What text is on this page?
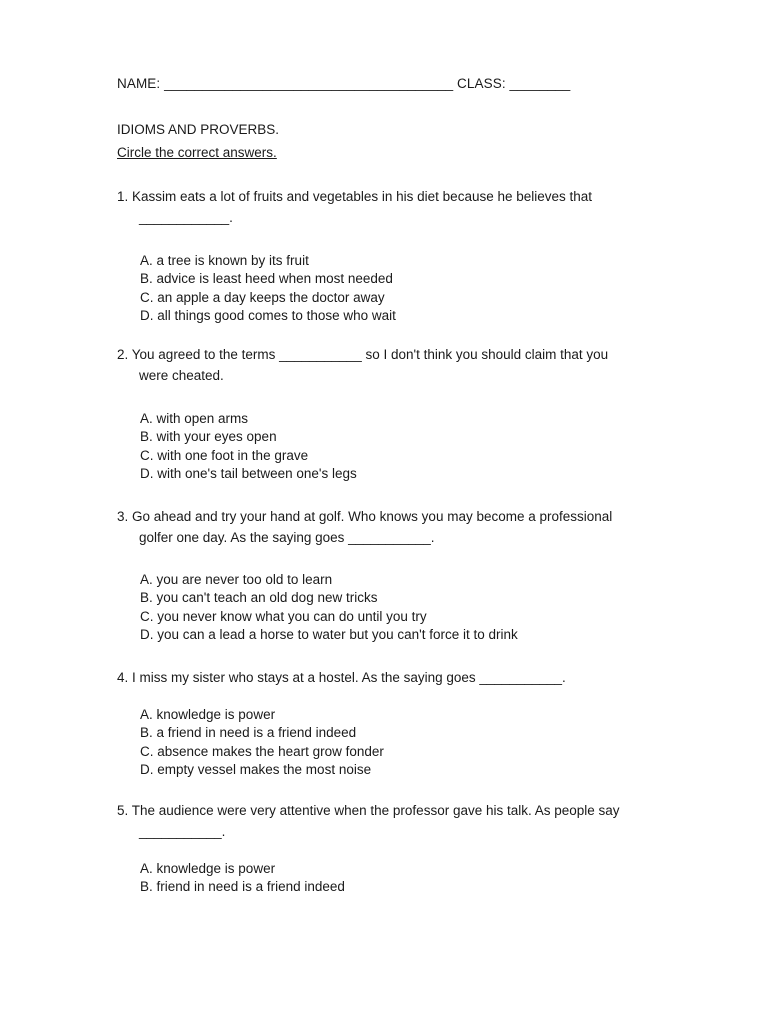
NAME: ______________________________________ CLASS: ________
IDIOMS AND PROVERBS.
Circle the correct answers.
1. Kassim eats a lot of fruits and vegetables in his diet because he believes that
____________.
A. a tree is known by its fruit
B. advice is least heed when most needed
C. an apple a day keeps the doctor away
D. all things good comes to those who wait
2. You agreed to the terms ___________ so I don't think you should claim that you
were cheated.
A. with open arms
B. with your eyes open
C. with one foot in the grave
D. with one's tail between one's legs
3. Go ahead and try your hand at golf. Who knows you may become a professional
golfer one day. As the saying goes ___________.
A. you are never too old to learn
B. you can't teach an old dog new tricks
C. you never know what you can do until you try
D. you can a lead a horse to water but you can't force it to drink
4. I miss my sister who stays at a hostel. As the saying goes ___________.
A. knowledge is power
B. a friend in need is a friend indeed
C. absence makes the heart grow fonder
D. empty vessel makes the most noise
5. The audience were very attentive when the professor gave his talk. As people say
___________.
A. knowledge is power
B. friend in need is a friend indeed
